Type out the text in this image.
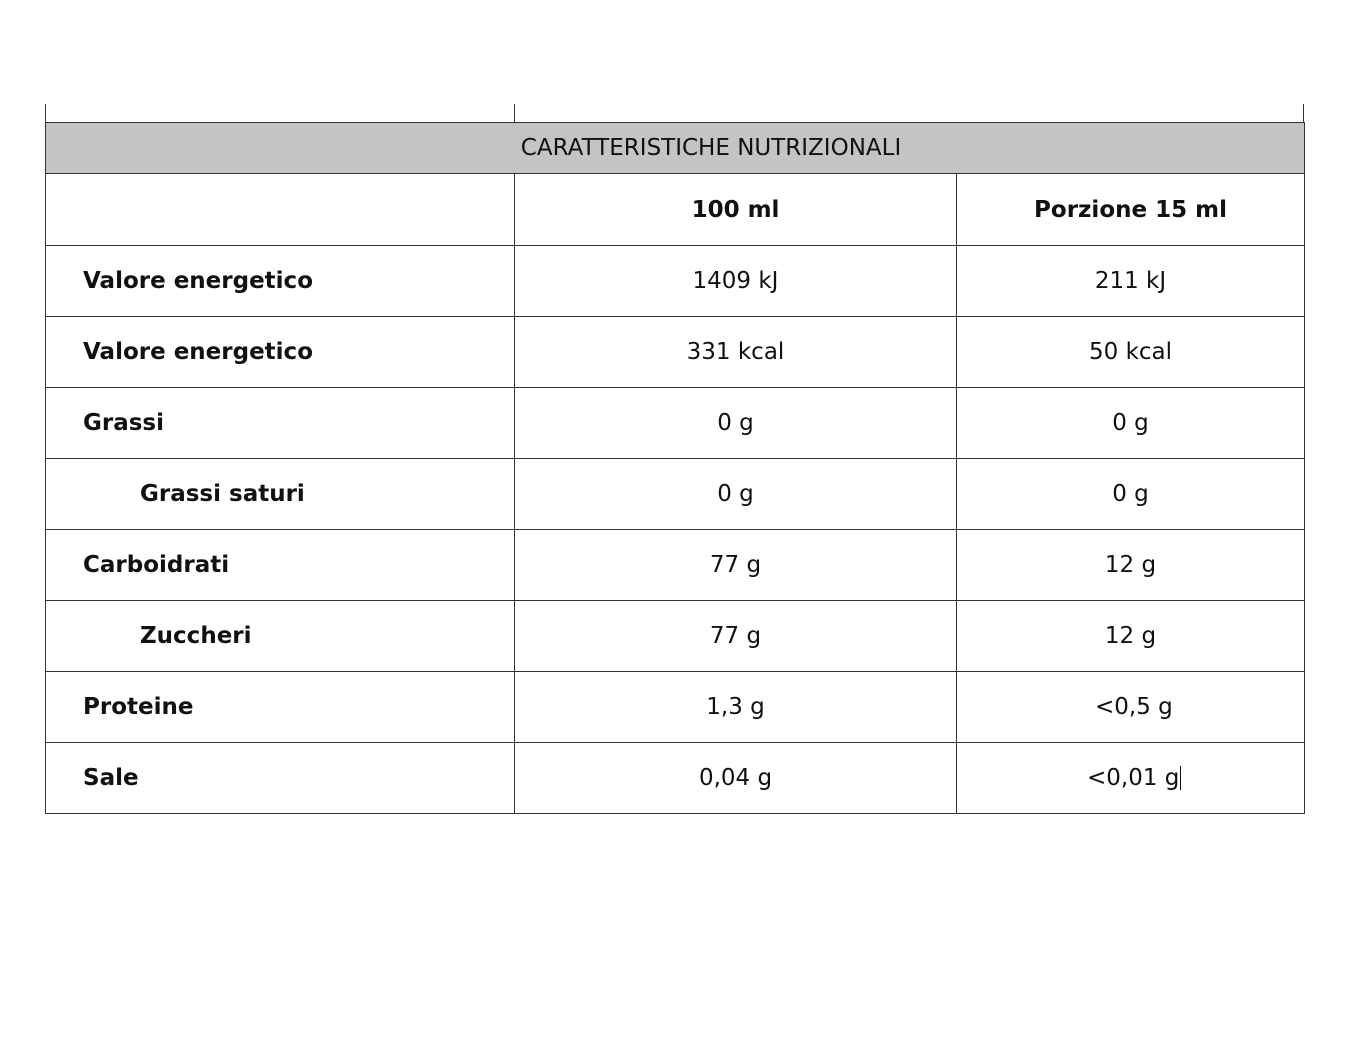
CARATTERISTICHE NUTRIZIONALI		
	100 ml	Porzione 15 ml
Valore energetico	1409 kJ	211 kJ
Valore energetico	331 kcal	50 kcal
Grassi	0 g	0 g
Grassi saturi	0 g	0 g
Carboidrati	77 g	12 g
Zuccheri	77 g	12 g
Proteine	1,3 g	<0,5 g
Sale	0,04 g	<0,01 g
